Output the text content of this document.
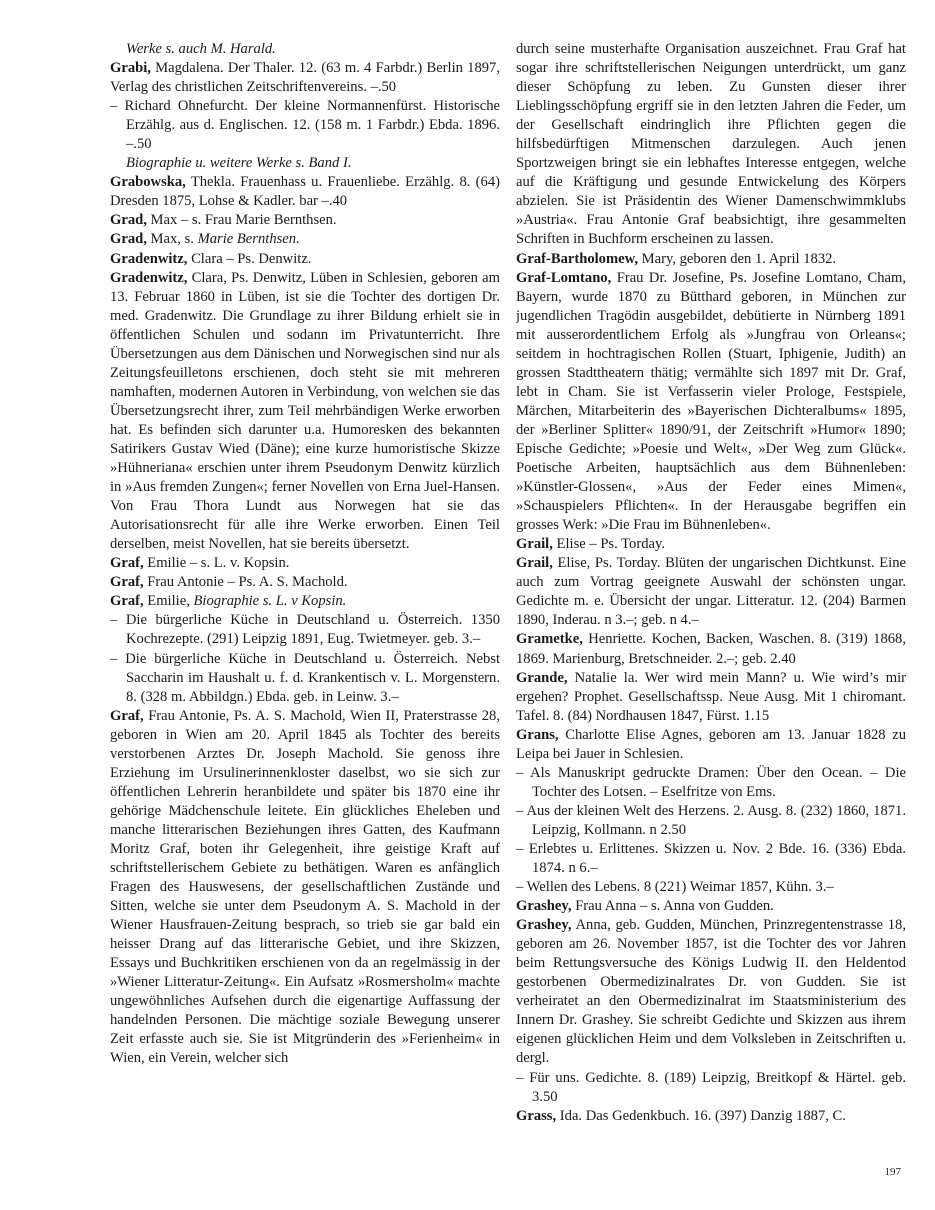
Werke s. auch M. Harald.

Grabi, Magdalena. Der Thaler. 12. (63 m. 4 Farbdr.) Berlin 1897, Verlag des christlichen Zeitschriftenvereins. –.50

– Richard Ohnefurcht. Der kleine Normannenfürst. Historische Erzählg. aus d. Englischen. 12. (158 m. 1 Farbdr.) Ebda. 1896. –.50

Biographie u. weitere Werke s. Band I.

Grabowska, Thekla. Frauenhass u. Frauenliebe. Erzählg. 8. (64) Dresden 1875, Lohse & Kadler. bar –.40

Grad, Max – s. Frau Marie Bernthsen.

Grad, Max, s. Marie Bernthsen.

Gradenwitz, Clara – Ps. Denwitz.

Gradenwitz, Clara, Ps. Denwitz, Lüben in Schlesien, geboren am 13. Februar 1860 in Lüben, ist sie die Tochter des dortigen Dr. med. Gradenwitz. Die Grundlage zu ihrer Bildung erhielt sie in öffentlichen Schulen und sodann im Privatunterricht. Ihre Übersetzungen aus dem Dänischen und Norwegischen sind nur als Zeitungsfeuilletons erschienen, doch steht sie mit mehreren namhaften, modernen Autoren in Verbindung, von welchen sie das Übersetzungsrecht ihrer, zum Teil mehrbändigen Werke erworben hat. Es befinden sich darunter u.a. Humoresken des bekannten Satirikers Gustav Wied (Däne); eine kurze humoristische Skizze »Hühneriana« erschien unter ihrem Pseudonym Denwitz kürzlich in »Aus fremden Zungen«; ferner Novellen von Erna Juel-Hansen. Von Frau Thora Lundt aus Norwegen hat sie das Autorisationsrecht für alle ihre Werke erworben. Einen Teil derselben, meist Novellen, hat sie bereits übersetzt.

Graf, Emilie – s. L. v. Kopsin.

Graf, Frau Antonie – Ps. A. S. Machold.

Graf, Emilie, Biographie s. L. v Kopsin.

– Die bürgerliche Küche in Deutschland u. Österreich. 1350 Kochrezepte. (291) Leipzig 1891, Eug. Twietmeyer. geb. 3.–

– Die bürgerliche Küche in Deutschland u. Österreich. Nebst Saccharin im Haushalt u. f. d. Krankentisch v. L. Morgenstern. 8. (328 m. Abbildgn.) Ebda. geb. in Leinw. 3.–

Graf, Frau Antonie, Ps. A. S. Machold, Wien II, Praterstrasse 28, geboren in Wien am 20. April 1845 als Tochter des bereits verstorbenen Arztes Dr. Joseph Machold. Sie genoss ihre Erziehung im Ursulinerinnenkloster daselbst, wo sie sich zur öffentlichen Lehrerin heranbildete und später bis 1870 eine ihr gehörige Mädchenschule leitete. Ein glückliches Eheleben und manche litterarischen Beziehungen ihres Gatten, des Kaufmann Moritz Graf, boten ihr Gelegenheit, ihre geistige Kraft auf schriftstellerischem Gebiete zu bethätigen. Waren es anfänglich Fragen des Hauswesens, der gesellschaftlichen Zustände und Sitten, welche sie unter dem Pseudonym A. S. Machold in der Wiener Hausfrauen-Zeitung besprach, so trieb sie gar bald ein heisser Drang auf das litterarische Gebiet, und ihre Skizzen, Essays und Buchkritiken erschienen von da an regelmässig in der »Wiener Litteratur-Zeitung«. Ein Aufsatz »Rosmersholm« machte ungewöhnliches Aufsehen durch die eigenartige Auffassung der handelnden Personen. Die mächtige soziale Bewegung unserer Zeit erfasste auch sie. Sie ist Mitgründerin des »Ferienheim« in Wien, ein Verein, welcher sich

durch seine musterhafte Organisation auszeichnet. Frau Graf hat sogar ihre schriftstellerischen Neigungen unterdrückt, um ganz dieser Schöpfung zu leben. Zu Gunsten dieser ihrer Lieblingsschöpfung ergriff sie in den letzten Jahren die Feder, um der Gesellschaft eindringlich ihre Pflichten gegen die hilfsbedürftigen Mitmenschen darzulegen. Auch jenen Sportzweigen bringt sie ein lebhaftes Interesse entgegen, welche auf die Kräftigung und gesunde Entwickelung des Körpers abzielen. Sie ist Präsidentin des Wiener Damenschwimmklubs »Austria«. Frau Antonie Graf beabsichtigt, ihre gesammelten Schriften in Buchform erscheinen zu lassen.

Graf-Bartholomew, Mary, geboren den 1. April 1832.

Graf-Lomtano, Frau Dr. Josefine, Ps. Josefine Lomtano, Cham, Bayern, wurde 1870 zu Bütthard geboren, in München zur jugendlichen Tragödin ausgebildet, debütierte in Nürnberg 1891 mit ausserordentlichem Erfolg als »Jungfrau von Orleans«; seitdem in hochtragischen Rollen (Stuart, Iphigenie, Judith) an grossen Stadttheatern thätig; vermählte sich 1897 mit Dr. Graf, lebt in Cham. Sie ist Verfasserin vieler Prologe, Festspiele, Märchen, Mitarbeiterin des »Bayerischen Dichteralbums« 1895, der »Berliner Splitter« 1890/91, der Zeitschrift »Humor« 1890; Epische Gedichte; »Poesie und Welt«, »Der Weg zum Glück«. Poetische Arbeiten, hauptsächlich aus dem Bühnenleben: »Künstler-Glossen«, »Aus der Feder eines Mimen«, »Schauspielers Pflichten«. In der Herausgabe begriffen ein grosses Werk: »Die Frau im Bühnenleben«.

Grail, Elise – Ps. Torday.

Grail, Elise, Ps. Torday. Blüten der ungarischen Dichtkunst. Eine auch zum Vortrag geeignete Auswahl der schönsten ungar. Gedichte m. e. Übersicht der ungar. Litteratur. 12. (204) Barmen 1890, Inderau. n 3.–; geb. n 4.–

Grametke, Henriette. Kochen, Backen, Waschen. 8. (319) 1868, 1869. Marienburg, Bretschneider. 2.–; geb. 2.40

Grande, Natalie la. Wer wird mein Mann? u. Wie wird’s mir ergehen? Prophet. Gesellschaftssp. Neue Ausg. Mit 1 chiromant. Tafel. 8. (84) Nordhausen 1847, Fürst. 1.15

Grans, Charlotte Elise Agnes, geboren am 13. Januar 1828 zu Leipa bei Jauer in Schlesien.

– Als Manuskript gedruckte Dramen: Über den Ocean. – Die Tochter des Lotsen. – Eselfritze von Ems.

– Aus der kleinen Welt des Herzens. 2. Ausg. 8. (232) 1860, 1871. Leipzig, Kollmann. n 2.50

– Erlebtes u. Erlittenes. Skizzen u. Nov. 2 Bde. 16. (336) Ebda. 1874. n 6.–

– Wellen des Lebens. 8 (221) Weimar 1857, Kühn. 3.–

Grashey, Frau Anna – s. Anna von Gudden.

Grashey, Anna, geb. Gudden, München, Prinzregentenstrasse 18, geboren am 26. November 1857, ist die Tochter des vor Jahren beim Rettungsversuche des Königs Ludwig II. den Heldentod gestorbenen Obermedizinalrates Dr. von Gudden. Sie ist verheiratet an den Obermedizinalrat im Staatsministerium des Innern Dr. Grashey. Sie schreibt Gedichte und Skizzen aus ihrem eigenen glücklichen Heim und dem Volksleben in Zeitschriften u. dergl.

– Für uns. Gedichte. 8. (189) Leipzig, Breitkopf & Härtel. geb. 3.50

Grass, Ida. Das Gedenkbuch. 16. (397) Danzig 1887, C.

197
